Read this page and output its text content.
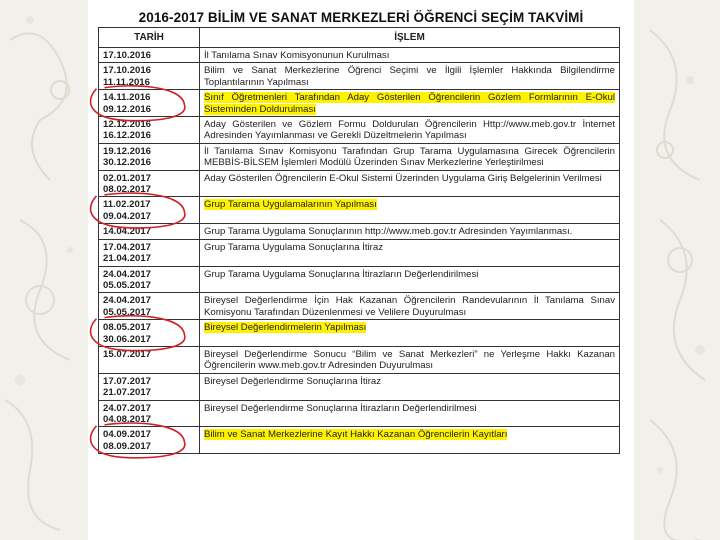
2016-2017 BİLİM VE SANAT MERKEZLERİ ÖĞRENCİ SEÇİM TAKVİMİ
TARİH	İŞLEM

17.10.2016	İl Tanılama Sınav Komisyonunun Kurulması

17.10.2016
11.11.2016	Bilim ve Sanat Merkezlerine Öğrenci Seçimi ve İlgili İşlemler Hakkında Bilgilendirme Toplantılarının Yapılması

14.11.2016
09.12.2016	Sınıf Öğretmenleri Tarafından Aday Gösterilen Öğrencilerin Gözlem Formlarının E-Okul Sisteminden Doldurulması

12.12.2016
16.12.2016	Aday Gösterilen ve Gözlem Formu Doldurulan Öğrencilerin Http://www.meb.gov.tr İnternet Adresinden Yayımlanması ve Gerekli Düzeltmelerin Yapılması

19.12.2016
30.12.2016	İl Tanılama Sınav Komisyonu Tarafından Grup Tarama Uygulamasına Girecek Öğrencilerin MEBBİS-BİLSEM İşlemleri Modülü Üzerinden Sınav Merkezlerine Yerleştirilmesi

02.01.2017
08.02.2017	Aday Gösterilen Öğrencilerin E-Okul Sistemi Üzerinden Uygulama Giriş Belgelerinin Verilmesi

11.02.2017
09.04.2017	Grup Tarama Uygulamalarının Yapılması

14.04.2017	Grup Tarama Uygulama Sonuçlarının http://www.meb.gov.tr Adresinden Yayımlanması.

17.04.2017
21.04.2017	Grup Tarama Uygulama Sonuçlarına İtiraz

24.04.2017
05.05.2017	Grup Tarama Uygulama Sonuçlarına İtirazların Değerlendirilmesi

24.04.2017
05.05.2017	Bireysel Değerlendirme İçin Hak Kazanan Öğrencilerin Randevularının İl Tanılama Sınav Komisyonu Tarafından Düzenlenmesi ve Velilere Duyurulması

08.05.2017
30.06.2017	Bireysel Değerlendirmelerin Yapılması

15.07.2017	Bireysel Değerlendirme Sonucu “Bilim ve Sanat Merkezleri” ne Yerleşme Hakkı Kazanan Öğrencilerin www.meb.gov.tr Adresinden Duyurulması

17.07.2017
21.07.2017	Bireysel Değerlendirme Sonuçlarına İtiraz

24.07.2017
04.08.2017	Bireysel Değerlendirme Sonuçlarına İtirazların Değerlendirilmesi

04.09.2017
08.09.2017	Bilim ve Sanat Merkezlerine Kayıt Hakkı Kazanan Öğrencilerin Kayıtları
